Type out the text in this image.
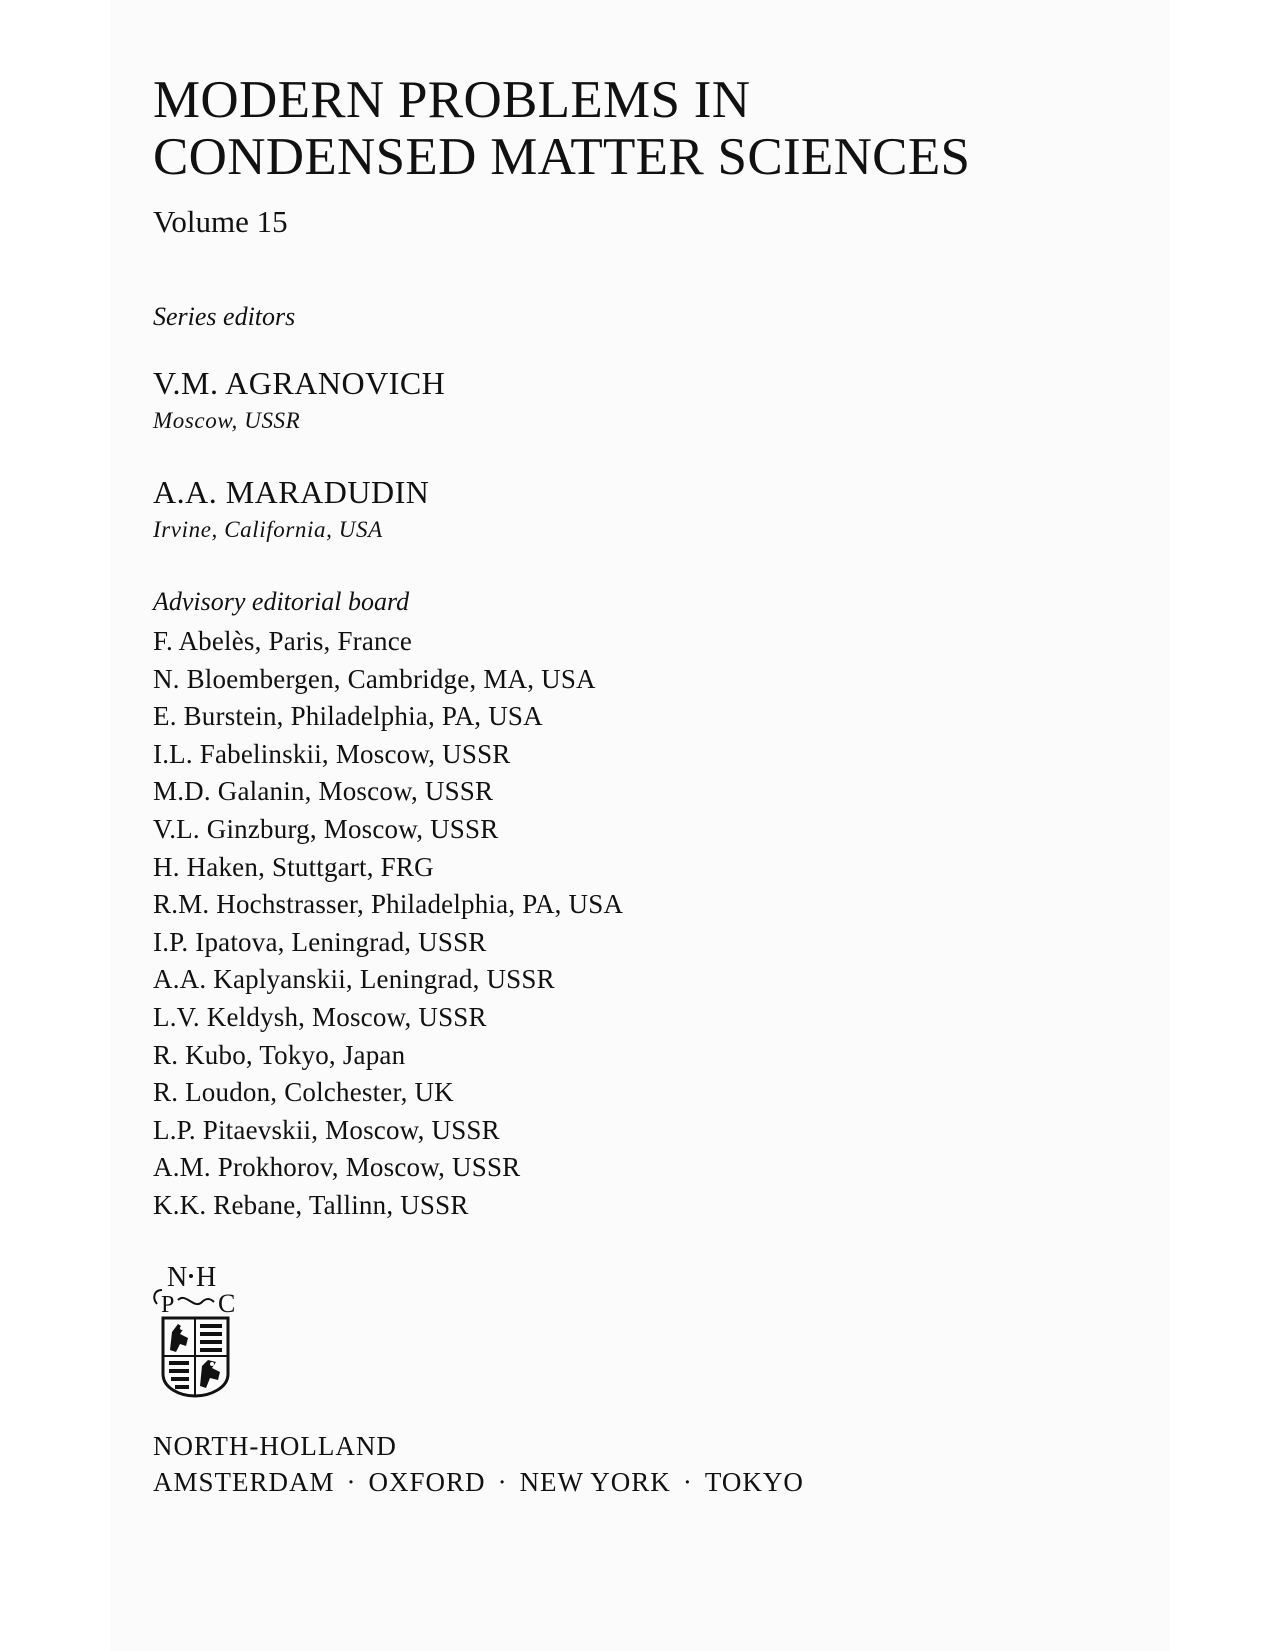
MODERN PROBLEMS IN
CONDENSED MATTER SCIENCES
Volume 15
Series editors
V.M. AGRANOVICH
Moscow, USSR
A.A. MARADUDIN
Irvine, California, USA
Advisory editorial board
F. Abelès, Paris, France
N. Bloembergen, Cambridge, MA, USA
E. Burstein, Philadelphia, PA, USA
I.L. Fabelinskii, Moscow, USSR
M.D. Galanin, Moscow, USSR
V.L. Ginzburg, Moscow, USSR
H. Haken, Stuttgart, FRG
R.M. Hochstrasser, Philadelphia, PA, USA
I.P. Ipatova, Leningrad, USSR
A.A. Kaplyanskii, Leningrad, USSR
L.V. Keldysh, Moscow, USSR
R. Kubo, Tokyo, Japan
R. Loudon, Colchester, UK
L.P. Pitaevskii, Moscow, USSR
A.M. Prokhorov, Moscow, USSR
K.K. Rebane, Tallinn, USSR
N H
P C
NORTH-HOLLAND
AMSTERDAM · OXFORD · NEW YORK · TOKYO
